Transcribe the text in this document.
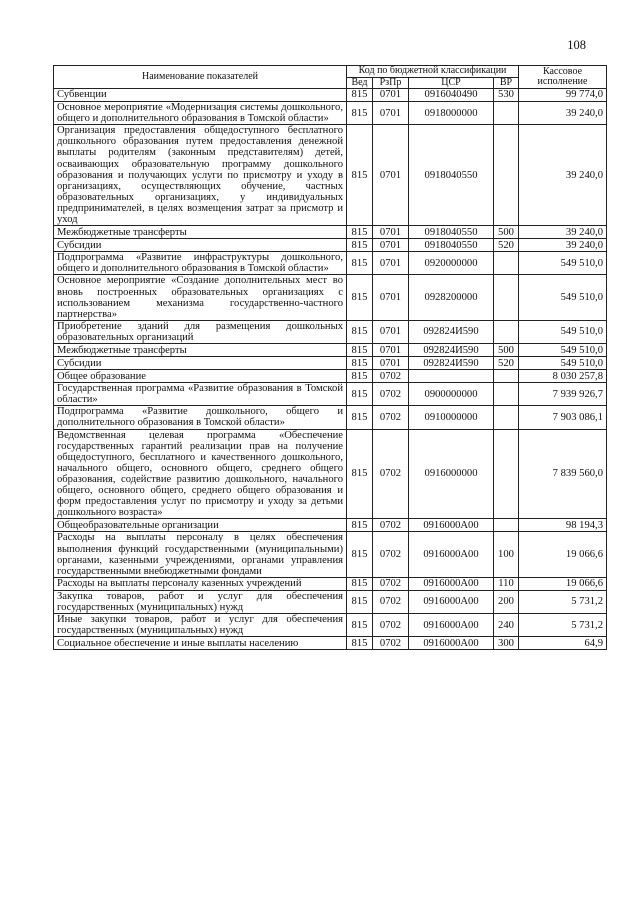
108
Наименование показателей	Код по бюджетной классификации				Кассовое исполнение
	Вед	РзПр	ЦСР	ВР	
Субвенции	815	0701	0916040490	530	99 774,0
Основное мероприятие «Модернизация системы дошкольного, общего и дополнительного образования в Томской области»	815	0701	0918000000		39 240,0
Организация предоставления общедоступного бесплатного дошкольного образования путем предоставления денежной выплаты родителям (законным представителям) детей, осваивающих образовательную программу дошкольного образования и получающих услуги по присмотру и уходу в организациях, осуществляющих обучение, частных образовательных организациях, у индивидуальных предпринимателей, в целях возмещения затрат за присмотр и уход	815	0701	0918040550		39 240,0
Межбюджетные трансферты	815	0701	0918040550	500	39 240,0
Субсидии	815	0701	0918040550	520	39 240,0
Подпрограмма «Развитие инфраструктуры дошкольного, общего и дополнительного образования в Томской области»	815	0701	0920000000		549 510,0
Основное мероприятие «Создание дополнительных мест во вновь построенных образовательных организациях с использованием механизма государственно-частного партнерства»	815	0701	0928200000		549 510,0
Приобретение зданий для размещения дошкольных образовательных организаций	815	0701	092824И590		549 510,0
Межбюджетные трансферты	815	0701	092824И590	500	549 510,0
Субсидии	815	0701	092824И590	520	549 510,0
Общее образование	815	0702			8 030 257,8
Государственная программа «Развитие образования в Томской области»	815	0702	0900000000		7 939 926,7
Подпрограмма «Развитие дошкольного, общего и дополнительного образования в Томской области»	815	0702	0910000000		7 903 086,1
Ведомственная целевая программа «Обеспечение государственных гарантий реализации прав на получение общедоступного, бесплатного и качественного дошкольного, начального общего, основного общего, среднего общего образования, содействие развитию дошкольного, начального общего, основного общего, среднего общего образования и форм предоставления услуг по присмотру и уходу за детьми дошкольного возраста»	815	0702	0916000000		7 839 560,0
Общеобразовательные организации	815	0702	0916000А00		98 194,3
Расходы на выплаты персоналу в целях обеспечения выполнения функций государственными (муниципальными) органами, казенными учреждениями, органами управления государственными внебюджетными фондами	815	0702	0916000А00	100	19 066,6
Расходы на выплаты персоналу казенных учреждений	815	0702	0916000А00	110	19 066,6
Закупка товаров, работ и услуг для обеспечения государственных (муниципальных) нужд	815	0702	0916000А00	200	5 731,2
Иные закупки товаров, работ и услуг для обеспечения государственных (муниципальных) нужд	815	0702	0916000А00	240	5 731,2
Социальное обеспечение и иные выплаты населению	815	0702	0916000А00	300	64,9
